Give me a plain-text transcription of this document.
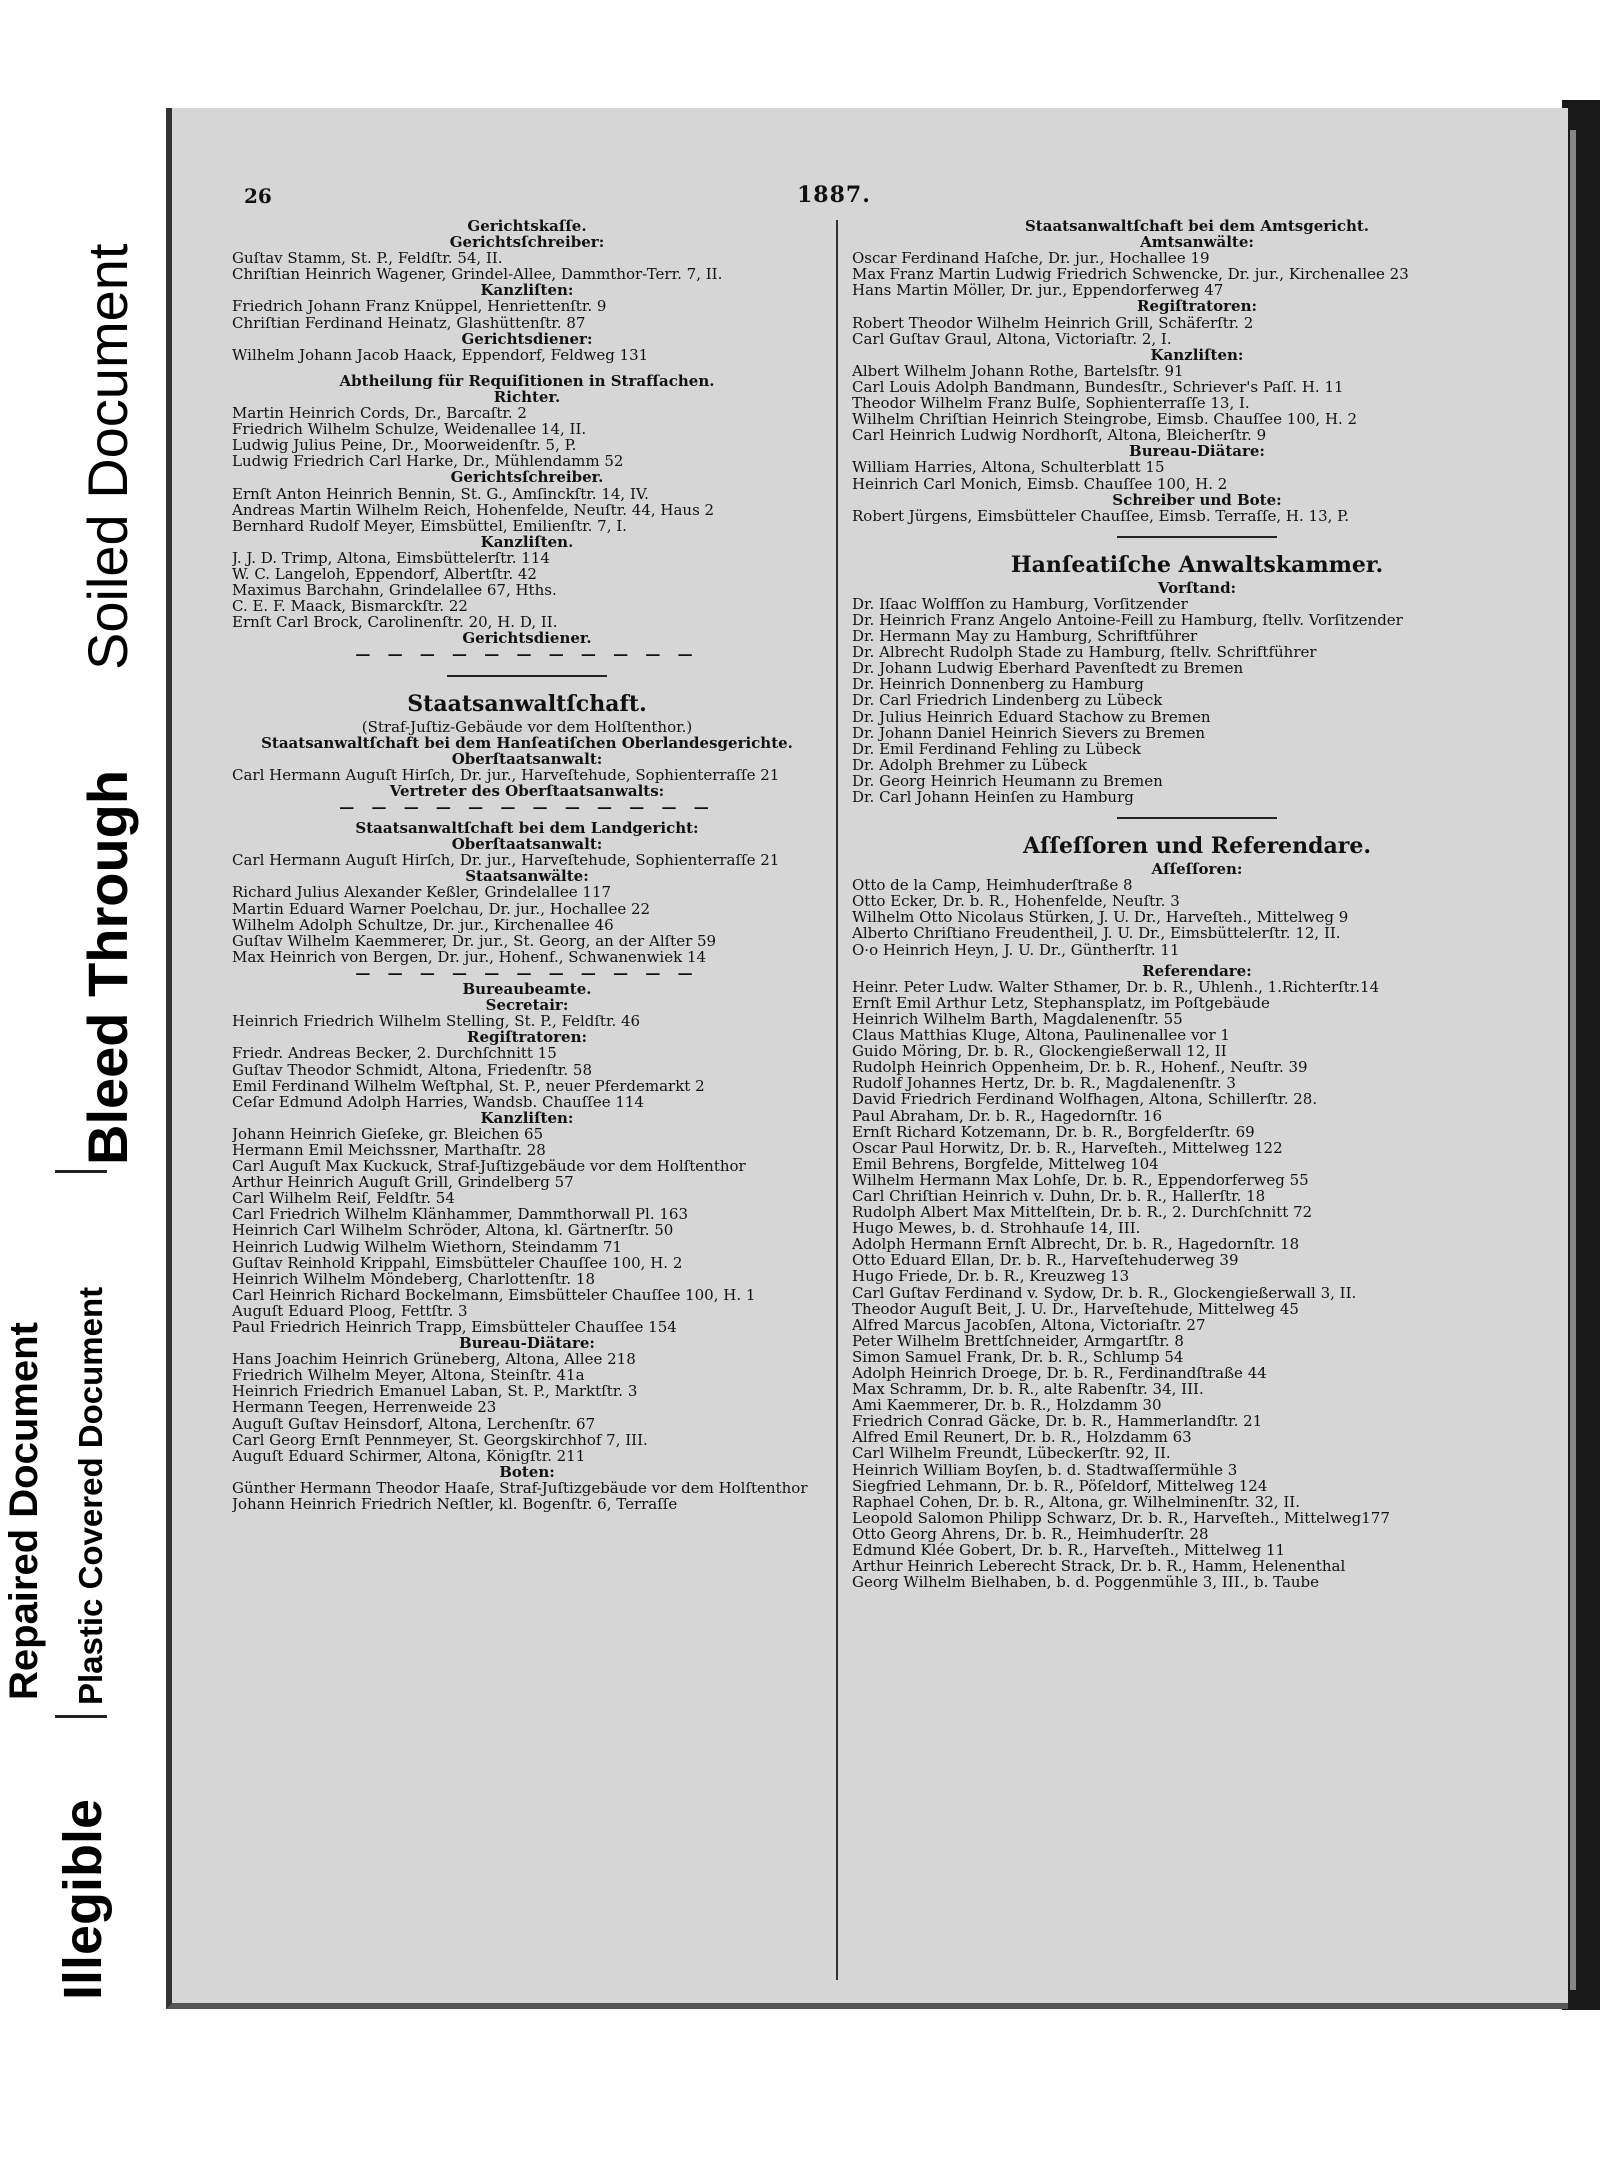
Soiled Document
Bleed Through
Repaired Document Plastic Covered Document
Illegible
26	1887.
Gerichtskaſſe.
Gerichtsſchreiber:
Guſtav Stamm, St. P., Feldſtr. 54, II.
Chriſtian Heinrich Wagener, Grindel-Allee, Dammthor-Terr. 7, II.
Kanzliſten:
Friedrich Johann Franz Knüppel, Henriettenſtr. 9
Chriſtian Ferdinand Heinatz, Glashüttenſtr. 87
Gerichtsdiener:
Wilhelm Johann Jacob Haack, Eppendorf, Feldweg 131
Abtheilung für Requiſitionen in Strafſachen.
Richter.
Martin Heinrich Cords, Dr., Barcaſtr. 2
Friedrich Wilhelm Schulze, Weidenallee 14, II.
Ludwig Julius Peine, Dr., Moorweidenſtr. 5, P.
Ludwig Friedrich Carl Harke, Dr., Mühlendamm 52
Gerichtsſchreiber.
Ernſt Anton Heinrich Bennin, St. G., Amſinckſtr. 14, IV.
Andreas Martin Wilhelm Reich, Hohenfelde, Neuſtr. 44, Haus 2
Bernhard Rudolf Meyer, Eimsbüttel, Emilienſtr. 7, I.
Kanzliſten.
J. J. D. Trimp, Altona, Eimsbüttelerſtr. 114
W. C. Langeloh, Eppendorf, Albertſtr. 42
Maximus Barchahn, Grindelallee 67, Hths.
C. E. F. Maack, Bismarckſtr. 22
Ernſt Carl Brock, Carolinenſtr. 20, H. D, II.
Gerichtsdiener.
— — — — — — — — — — —
Staatsanwaltſchaft.
(Straf-Juſtiz-Gebäude vor dem Holſtenthor.)
Staatsanwaltſchaft bei dem Hanſeatiſchen Oberlandesgerichte.
Oberſtaatsanwalt:
Carl Hermann Auguſt Hirſch, Dr. jur., Harveſtehude, Sophienterraſſe 21
Vertreter des Oberſtaatsanwalts:
— — — — — — — — — — — —
Staatsanwaltſchaft bei dem Landgericht:
Oberſtaatsanwalt:
Carl Hermann Auguſt Hirſch, Dr. jur., Harveſtehude, Sophienterraſſe 21
Staatsanwälte:
Richard Julius Alexander Keßler, Grindelallee 117
Martin Eduard Warner Poelchau, Dr. jur., Hochallee 22
Wilhelm Adolph Schultze, Dr. jur., Kirchenallee 46
Guſtav Wilhelm Kaemmerer, Dr. jur., St. Georg, an der Alſter 59
Max Heinrich von Bergen, Dr. jur., Hohenf., Schwanenwiek 14
— — — — — — — — — — —
Bureaubeamte.
Secretair:
Heinrich Friedrich Wilhelm Stelling, St. P., Feldſtr. 46
Regiſtratoren:
Friedr. Andreas Becker, 2. Durchſchnitt 15
Guſtav Theodor Schmidt, Altona, Friedenſtr. 58
Emil Ferdinand Wilhelm Weſtphal, St. P., neuer Pferdemarkt 2
Ceſar Edmund Adolph Harries, Wandsb. Chauſſee 114
Kanzliſten:
Johann Heinrich Gieſeke, gr. Bleichen 65
Hermann Emil Meichssner, Marthaſtr. 28
Carl Auguſt Max Kuckuck, Straf-Juſtizgebäude vor dem Holſtenthor
Arthur Heinrich Auguſt Grill, Grindelberg 57
Carl Wilhelm Reiſ, Feldſtr. 54
Carl Friedrich Wilhelm Klänhammer, Dammthorwall Pl. 163
Heinrich Carl Wilhelm Schröder, Altona, kl. Gärtnerſtr. 50
Heinrich Ludwig Wilhelm Wiethorn, Steindamm 71
Guſtav Reinhold Krippahl, Eimsbütteler Chauſſee 100, H. 2
Heinrich Wilhelm Möndeberg, Charlottenſtr. 18
Carl Heinrich Richard Bockelmann, Eimsbütteler Chauſſee 100, H. 1
Auguſt Eduard Ploog, Fettſtr. 3
Paul Friedrich Heinrich Trapp, Eimsbütteler Chauſſee 154
Bureau-Diätare:
Hans Joachim Heinrich Grüneberg, Altona, Allee 218
Friedrich Wilhelm Meyer, Altona, Steinſtr. 41a
Heinrich Friedrich Emanuel Laban, St. P., Marktſtr. 3
Hermann Teegen, Herrenweide 23
Auguſt Guſtav Heinsdorf, Altona, Lerchenſtr. 67
Carl Georg Ernſt Pennmeyer, St. Georgskirchhof 7, III.
Auguſt Eduard Schirmer, Altona, Königſtr. 211
Boten:
Günther Hermann Theodor Haaſe, Straf-Juſtizgebäude vor dem Holſtenthor
Johann Heinrich Friedrich Neſtler, kl. Bogenſtr. 6, Terraſſe
Staatsanwaltſchaft bei dem Amtsgericht.
Amtsanwälte:
Oscar Ferdinand Haſche, Dr. jur., Hochallee 19
Max Franz Martin Ludwig Friedrich Schwencke, Dr. jur., Kirchenallee 23
Hans Martin Möller, Dr. jur., Eppendorferweg 47
Regiſtratoren:
Robert Theodor Wilhelm Heinrich Grill, Schäferſtr. 2
Carl Guſtav Graul, Altona, Victoriaſtr. 2, I.
Kanzliſten:
Albert Wilhelm Johann Rothe, Bartelsſtr. 91
Carl Louis Adolph Bandmann, Bundesſtr., Schriever's Paſſ. H. 11
Theodor Wilhelm Franz Bulſe, Sophienterraſſe 13, I.
Wilhelm Chriſtian Heinrich Steingrobe, Eimsb. Chauſſee 100, H. 2
Carl Heinrich Ludwig Nordhorſt, Altona, Bleicherſtr. 9
Bureau-Diätare:
William Harries, Altona, Schulterblatt 15
Heinrich Carl Monich, Eimsb. Chauſſee 100, H. 2
Schreiber und Bote:
Robert Jürgens, Eimsbütteler Chauſſee, Eimsb. Terraſſe, H. 13, P.
Hanſeatiſche Anwaltskammer.
Vorſtand:
Dr. Iſaac Wolffſon zu Hamburg, Vorſitzender
Dr. Heinrich Franz Angelo Antoine-Feill zu Hamburg, ſtellv. Vorſitzender
Dr. Hermann May zu Hamburg, Schriftführer
Dr. Albrecht Rudolph Stade zu Hamburg, ſtellv. Schriftführer
Dr. Johann Ludwig Eberhard Pavenſtedt zu Bremen
Dr. Heinrich Donnenberg zu Hamburg
Dr. Carl Friedrich Lindenberg zu Lübeck
Dr. Julius Heinrich Eduard Stachow zu Bremen
Dr. Johann Daniel Heinrich Sievers zu Bremen
Dr. Emil Ferdinand Fehling zu Lübeck
Dr. Adolph Brehmer zu Lübeck
Dr. Georg Heinrich Heumann zu Bremen
Dr. Carl Johann Heinſen zu Hamburg
Aſſeſſoren und Referendare.
Aſſeſſoren:
Otto de la Camp, Heimhuderſtraße 8
Otto Ecker, Dr. b. R., Hohenfelde, Neuſtr. 3
Wilhelm Otto Nicolaus Stürken, J. U. Dr., Harveſteh., Mittelweg 9
Alberto Chriſtiano Freudentheil, J. U. Dr., Eimsbüttelerſtr. 12, II.
O·o Heinrich Heyn, J. U. Dr., Güntherſtr. 11
Referendare:
Heinr. Peter Ludw. Walter Sthamer, Dr. b. R., Uhlenh., 1.Richterſtr.14
Ernſt Emil Arthur Letz, Stephansplatz, im Poſtgebäude
Heinrich Wilhelm Barth, Magdalenenſtr. 55
Claus Matthias Kluge, Altona, Paulinenallee vor 1
Guido Möring, Dr. b. R., Glockengießerwall 12, II
Rudolph Heinrich Oppenheim, Dr. b. R., Hohenf., Neuſtr. 39
Rudolf Johannes Hertz, Dr. b. R., Magdalenenſtr. 3
David Friedrich Ferdinand Wolfhagen, Altona, Schillerſtr. 28.
Paul Abraham, Dr. b. R., Hagedornſtr. 16
Ernſt Richard Kotzemann, Dr. b. R., Borgfelderſtr. 69
Oscar Paul Horwitz, Dr. b. R., Harveſteh., Mittelweg 122
Emil Behrens, Borgfelde, Mittelweg 104
Wilhelm Hermann Max Lohſe, Dr. b. R., Eppendorferweg 55
Carl Chriſtian Heinrich v. Duhn, Dr. b. R., Hallerſtr. 18
Rudolph Albert Max Mittelſtein, Dr. b. R., 2. Durchſchnitt 72
Hugo Mewes, b. d. Strohhauſe 14, III.
Adolph Hermann Ernſt Albrecht, Dr. b. R., Hagedornſtr. 18
Otto Eduard Ellan, Dr. b. R., Harveſtehuderweg 39
Hugo Friede, Dr. b. R., Kreuzweg 13
Carl Guſtav Ferdinand v. Sydow, Dr. b. R., Glockengießerwall 3, II.
Theodor Auguſt Beit, J. U. Dr., Harveſtehude, Mittelweg 45
Alfred Marcus Jacobſen, Altona, Victoriaſtr. 27
Peter Wilhelm Brettſchneider, Armgartſtr. 8
Simon Samuel Frank, Dr. b. R., Schlump 54
Adolph Heinrich Droege, Dr. b. R., Ferdinandſtraße 44
Max Schramm, Dr. b. R., alte Rabenſtr. 34, III.
Ami Kaemmerer, Dr. b. R., Holzdamm 30
Friedrich Conrad Gäcke, Dr. b. R., Hammerlandſtr. 21
Alfred Emil Reunert, Dr. b. R., Holzdamm 63
Carl Wilhelm Freundt, Lübeckerſtr. 92, II.
Heinrich William Boyſen, b. d. Stadtwaſſermühle 3
Siegfried Lehmann, Dr. b. R., Pöſeldorf, Mittelweg 124
Raphael Cohen, Dr. b. R., Altona, gr. Wilhelminenſtr. 32, II.
Leopold Salomon Philipp Schwarz, Dr. b. R., Harveſteh., Mittelweg177
Otto Georg Ahrens, Dr. b. R., Heimhuderſtr. 28
Edmund Klée Gobert, Dr. b. R., Harveſteh., Mittelweg 11
Arthur Heinrich Leberecht Strack, Dr. b. R., Hamm, Helenenthal
Georg Wilhelm Bielhaben, b. d. Poggenmühle 3, III., b. Taube
